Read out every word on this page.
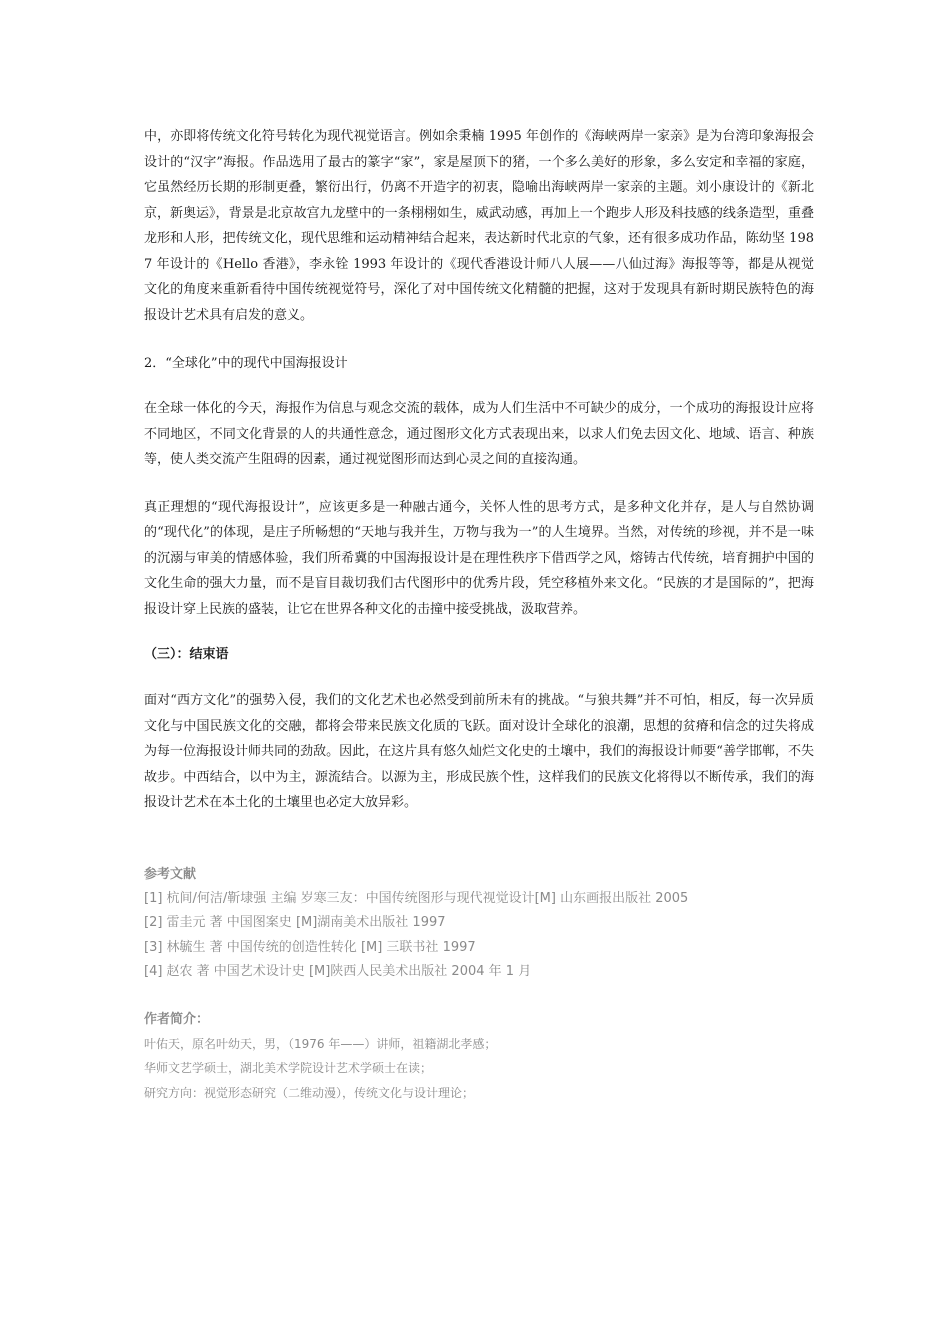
中，亦即将传统文化符号转化为现代视觉语言。例如余秉楠 1995 年创作的《海峡两岸一家亲》是为台湾印象海报会设计的“汉字”海报。作品选用了最古的篆字“家”，家是屋顶下的猪，一个多么美好的形象，多么安定和幸福的家庭，它虽然经历长期的形制更叠，繁衍出行，仍离不开造字的初衷，隐喻出海峡两岸一家亲的主题。刘小康设计的《新北京，新奥运》，背景是北京故宫九龙壁中的一条栩栩如生，威武动感，再加上一个跑步人形及科技感的线条造型，重叠龙形和人形，把传统文化，现代思维和运动精神结合起来，表达新时代北京的气象，还有很多成功作品，陈幼坚 1987 年设计的《Hello 香港》，李永铨 1993 年设计的《现代香港设计师八人展——八仙过海》海报等等，都是从视觉文化的角度来重新看待中国传统视觉符号，深化了对中国传统文化精髓的把握，这对于发现具有新时期民族特色的海报设计艺术具有启发的意义。

2．“全球化”中的现代中国海报设计

在全球一体化的今天，海报作为信息与观念交流的载体，成为人们生活中不可缺少的成分，一个成功的海报设计应将不同地区，不同文化背景的人的共通性意念，通过图形文化方式表现出来，以求人们免去因文化、地域、语言、种族等，使人类交流产生阻碍的因素，通过视觉图形而达到心灵之间的直接沟通。

真正理想的“现代海报设计”，应该更多是一种融古通今，关怀人性的思考方式，是多种文化并存，是人与自然协调的“现代化”的体现，是庄子所畅想的“天地与我并生，万物与我为一”的人生境界。当然，对传统的珍视，并不是一味的沉溺与审美的情感体验，我们所希冀的中国海报设计是在理性秩序下借西学之风，熔铸古代传统，培育拥护中国的文化生命的强大力量，而不是盲目裁切我们古代图形中的优秀片段，凭空移植外来文化。“民族的才是国际的”，把海报设计穿上民族的盛装，让它在世界各种文化的击撞中接受挑战，汲取营养。

（三）：结束语

面对“西方文化”的强势入侵，我们的文化艺术也必然受到前所未有的挑战。“与狼共舞”并不可怕，相反，每一次异质文化与中国民族文化的交融，都将会带来民族文化质的飞跃。面对设计全球化的浪潮，思想的贫瘠和信念的过失将成为每一位海报设计师共同的劲敌。因此，在这片具有悠久灿烂文化史的土壤中，我们的海报设计师要“善学邯郸，不失故步。中西结合，以中为主，源流结合。以源为主，形成民族个性，这样我们的民族文化将得以不断传承，我们的海报设计艺术在本土化的土壤里也必定大放异彩。

参考文献

[1] 杭间/何洁/靳埭强 主编 岁寒三友：中国传统图形与现代视觉设计[M] 山东画报出版社 2005

[2] 雷圭元 著 中国图案史 [M]湖南美术出版社 1997

[3] 林毓生 著 中国传统的创造性转化 [M] 三联书社 1997

[4] 赵农 著 中国艺术设计史 [M]陕西人民美术出版社 2004 年 1 月

作者简介：

叶佑天，原名叶幼天，男，（1976 年——）讲师，祖籍湖北孝感；

华师文艺学硕士，湖北美术学院设计艺术学硕士在读；

研究方向：视觉形态研究（二维动漫），传统文化与设计理论；
